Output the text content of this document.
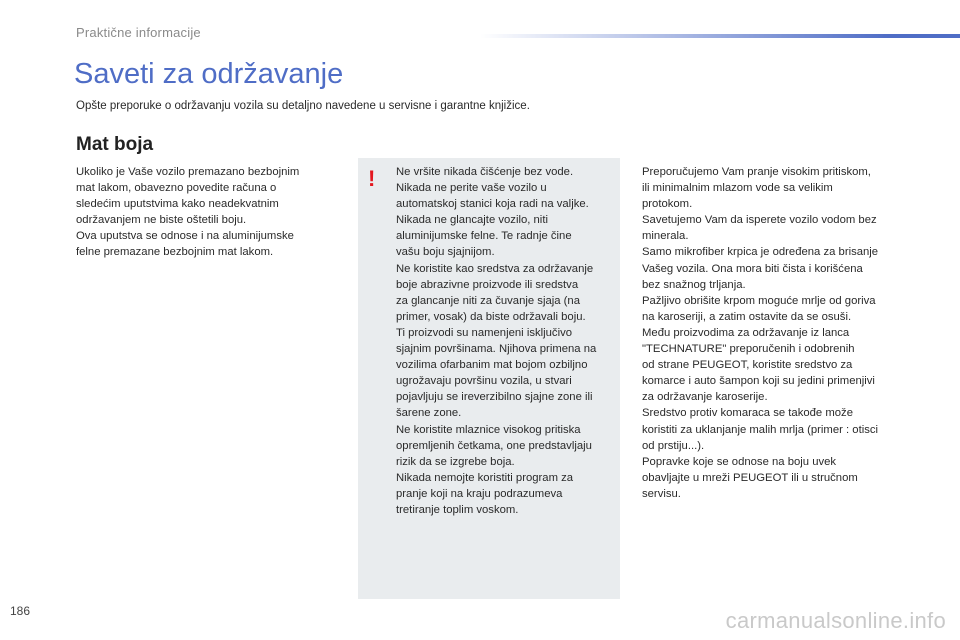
Praktične informacije
Saveti za održavanje
Opšte preporuke o održavanju vozila su detaljno navedene u servisne i garantne knjižice.
Mat boja
Ukoliko je Vaše vozilo premazano bezbojnim
mat lakom, obavezno povedite računa o
sledećim uputstvima kako neadekvatnim
održavanjem ne biste oštetili boju.
Ova uputstva se odnose i na aluminijumske
felne premazane bezbojnim mat lakom.
! Ne vršite nikada čišćenje bez vode.
Nikada ne perite vaše vozilo u
automatskoj stanici koja radi na valjke.
Nikada ne glancajte vozilo, niti
aluminijumske felne. Te radnje čine
vašu boju sjajnijom.
Ne koristite kao sredstva za održavanje
boje abrazivne proizvode ili sredstva
za glancanje niti za čuvanje sjaja (na
primer, vosak) da biste održavali boju.
Ti proizvodi su namenjeni isključivo
sjajnim površinama. Njihova primena na
vozilima ofarbanim mat bojom ozbiljno
ugrožavaju površinu vozila, u stvari
pojavljuju se ireverzibilno sjajne zone ili
šarene zone.
Ne koristite mlaznice visokog pritiska
opremljenih četkama, one predstavljaju
rizik da se izgrebe boja.
Nikada nemojte koristiti program za
pranje koji na kraju podrazumeva
tretiranje toplim voskom.
Preporučujemo Vam pranje visokim pritiskom,
ili minimalnim mlazom vode sa velikim
protokom.
Savetujemo Vam da isperete vozilo vodom bez
minerala.
Samo mikrofiber krpica je određena za brisanje
Vašeg vozila. Ona mora biti čista i korišćena
bez snažnog trljanja.
Pažljivo obrišite krpom moguće mrlje od goriva
na karoseriji, a zatim ostavite da se osuši.
Među proizvodima za održavanje iz lanca
"TECHNATURE" preporučenih i odobrenih
od strane PEUGEOT, koristite sredstvo za
komarce i auto šampon koji su jedini primenjivi
za održavanje karoserije.
Sredstvo protiv komaraca se takođe može
koristiti za uklanjanje malih mrlja (primer : otisci
od prstiju...).
Popravke koje se odnose na boju uvek
obavljajte u mreži PEUGEOT ili u stručnom
servisu.
186	carmanualsonline.info
